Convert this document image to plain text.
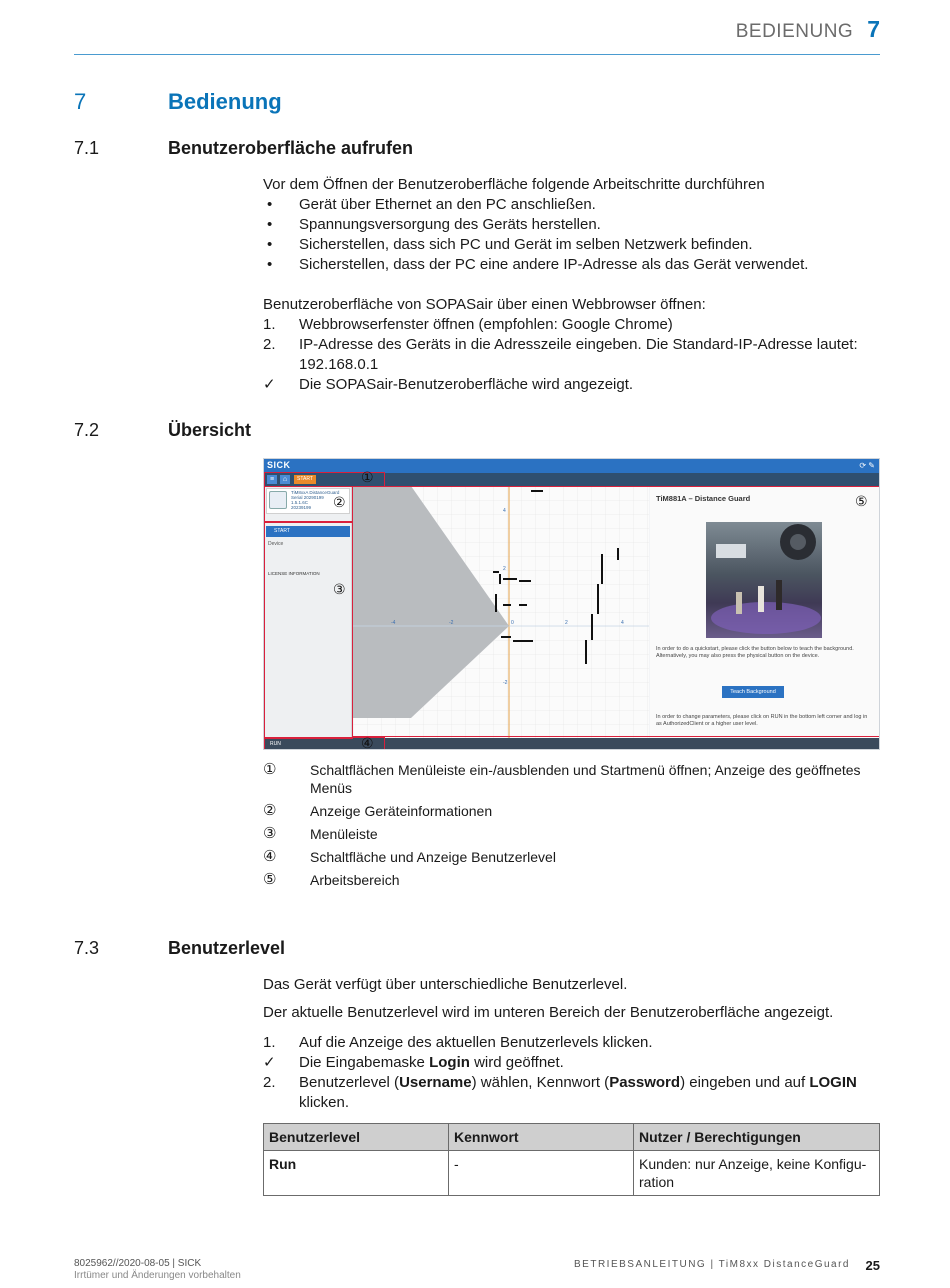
BEDIENUNG 7
7	Bedienung
7.1	Benutzeroberfläche aufrufen
Vor dem Öffnen der Benutzeroberfläche folgende Arbeitschritte durchführen
•	Gerät über Ethernet an den PC anschließen.
•	Spannungsversorgung des Geräts herstellen.
•	Sicherstellen, dass sich PC und Gerät im selben Netzwerk befinden.
•	Sicherstellen, dass der PC eine andere IP-Adresse als das Gerät verwendet.
Benutzeroberfläche von SOPASair über einen Webbrowser öffnen:
1.	Webbrowserfenster öffnen (empfohlen: Google Chrome)
2.	IP-Adresse des Geräts in die Adresszeile eingeben. Die Standard-IP-Adresse lautet: 192.168.0.1
✓	Die SOPASair-Benutzeroberfläche wird angezeigt.
7.2	Übersicht
SICK	⟳ ✎
≡	⌂	START
TiM8xxA DistanceGuard
Serial 20290199
1.5.1.6C
20239199
START
Device
LICENSE INFORMATION
-4	-2	0	2	4
4
2
-2
TiM881A – Distance Guard
In order to do a quickstart, please click the button below to teach the background. Alternatively, you may also press the physical button on the device.
Teach Background
In order to change parameters, please click on RUN in the bottom left corner and log in as AuthorizedClient or a higher user level.
RUN
①
②
③
④
⑤
①	Schaltflächen Menüleiste ein-/ausblenden und Startmenü öffnen; Anzeige des geöffnetes Menüs
②	Anzeige Geräteinformationen
③	Menüleiste
④	Schaltfläche und Anzeige Benutzerlevel
⑤	Arbeitsbereich
7.3	Benutzerlevel
Das Gerät verfügt über unterschiedliche Benutzerlevel.
Der aktuelle Benutzerlevel wird im unteren Bereich der Benutzeroberfläche angezeigt.
1.	Auf die Anzeige des aktuellen Benutzerlevels klicken.
✓	Die Eingabemaske Login wird geöffnet.
2.	Benutzerlevel (Username) wählen, Kennwort (Password) eingeben und auf LOGIN klicken.
Benutzerlevel	Kennwort	Nutzer / Berechtigungen
Run	-	Kunden: nur Anzeige, keine Konfiguration
8025962//2020-08-05 | SICK
Irrtümer und Änderungen vorbehalten
BETRIEBSANLEITUNG | TiM8xx DistanceGuard 25
